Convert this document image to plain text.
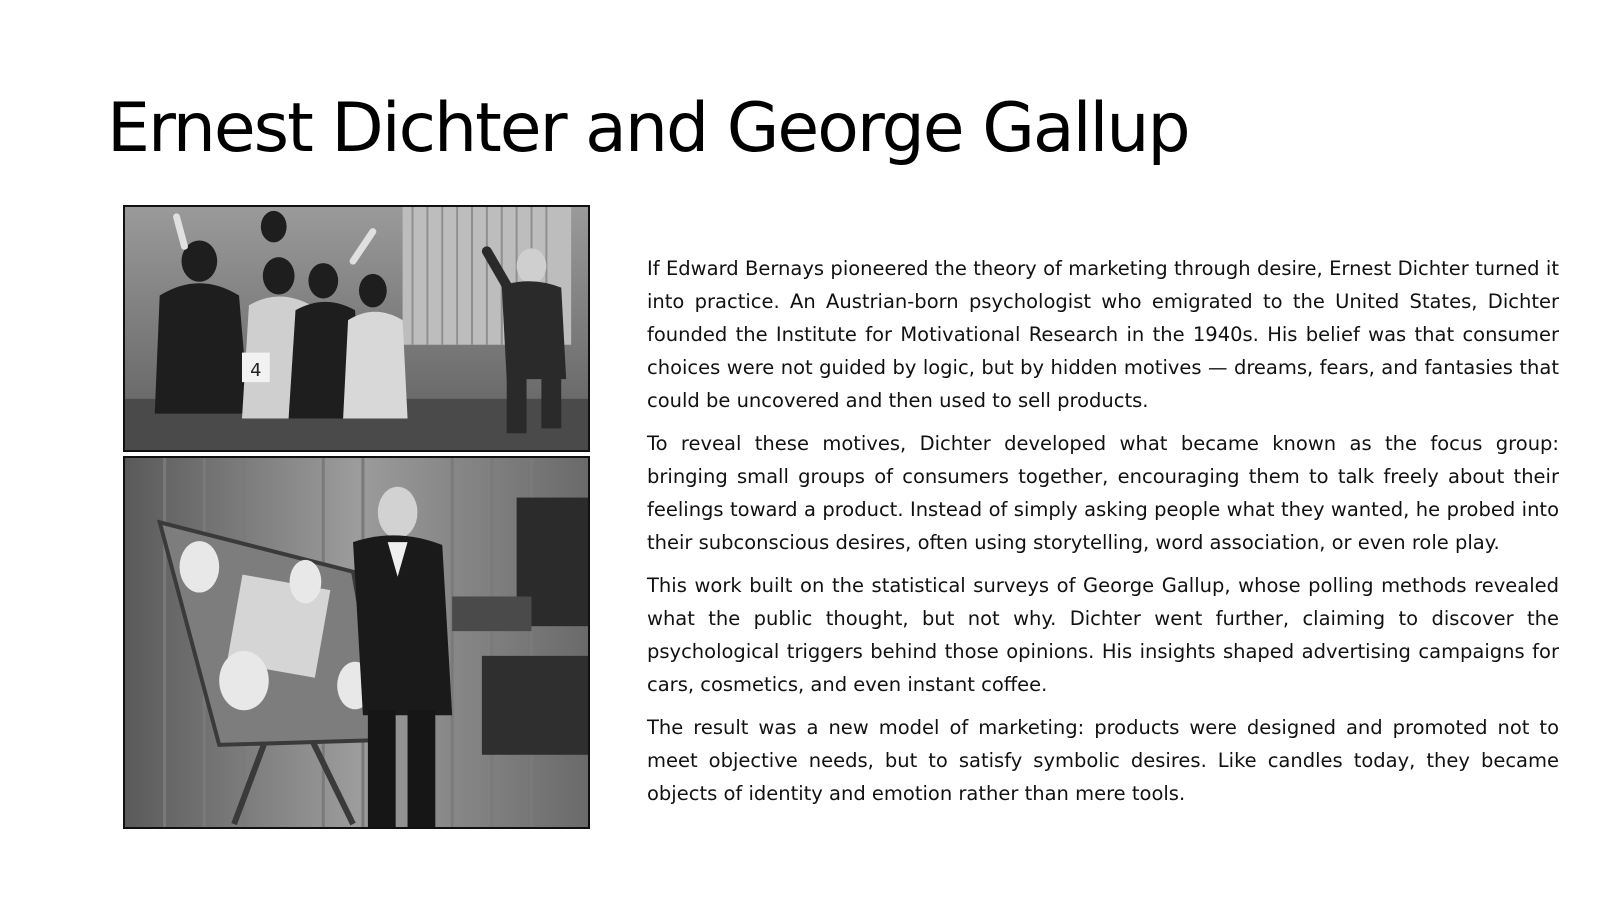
Ernest Dichter and George Gallup
4

If Edward Bernays pioneered the theory of marketing through desire, Ernest Dichter turned it into practice. An Austrian-born psychologist who emigrated to the United States, Dichter founded the Institute for Motivational Research in the 1940s. His belief was that consumer choices were not guided by logic, but by hidden motives — dreams, fears, and fantasies that could be uncovered and then used to sell products.

To reveal these motives, Dichter developed what became known as the focus group: bringing small groups of consumers together, encouraging them to talk freely about their feelings toward a product. Instead of simply asking people what they wanted, he probed into their subconscious desires, often using storytelling, word association, or even role play.

This work built on the statistical surveys of George Gallup, whose polling methods revealed what the public thought, but not why. Dichter went further, claiming to discover the psychological triggers behind those opinions. His insights shaped advertising campaigns for cars, cosmetics, and even instant coffee.

The result was a new model of marketing: products were designed and promoted not to meet objective needs, but to satisfy symbolic desires. Like candles today, they became objects of identity and emotion rather than mere tools.
